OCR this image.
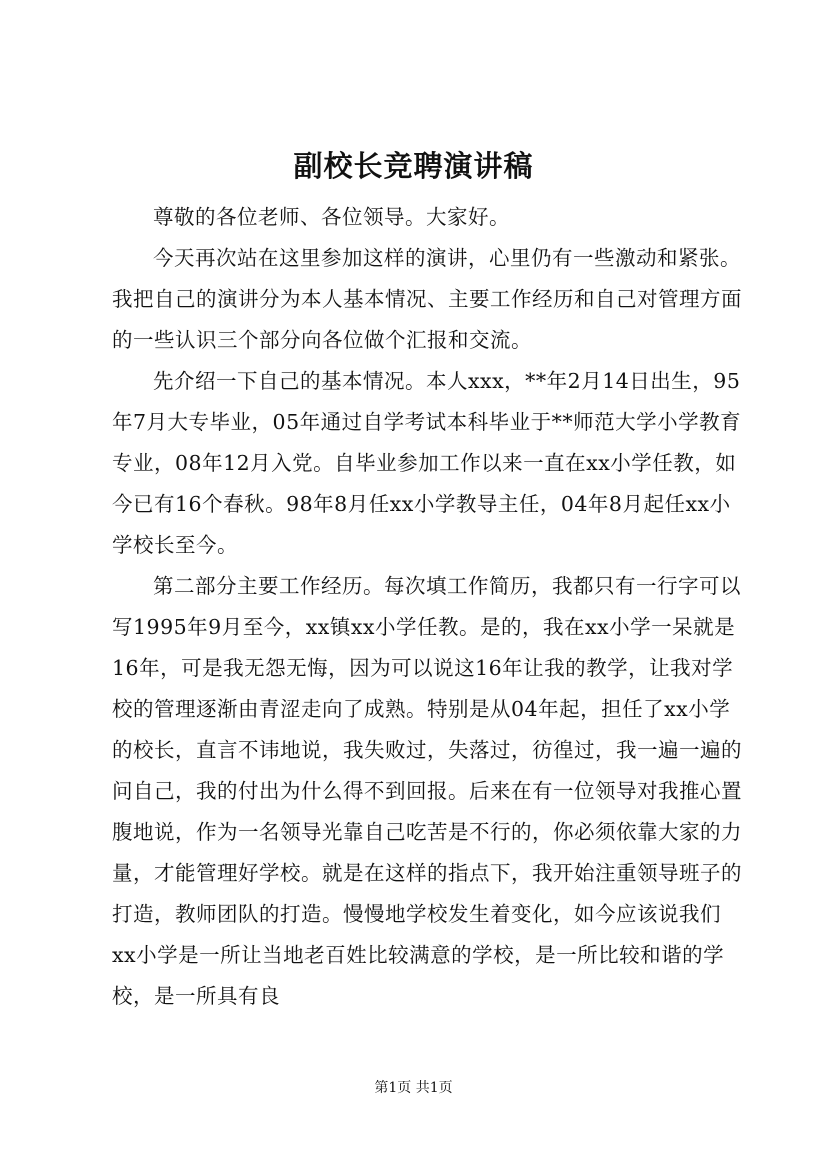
副校长竞聘演讲稿

尊敬的各位老师、各位领导。大家好。

今天再次站在这里参加这样的演讲，心里仍有一些激动和紧张。我把自己的演讲分为本人基本情况、主要工作经历和自己对管理方面的一些认识三个部分向各位做个汇报和交流。

先介绍一下自己的基本情况。本人xxx，**年2月14日出生，95年7月大专毕业，05年通过自学考试本科毕业于**师范大学小学教育专业，08年12月入党。自毕业参加工作以来一直在xx小学任教，如今已有16个春秋。98年8月任xx小学教导主任，04年8月起任xx小学校长至今。

第二部分主要工作经历。每次填工作简历，我都只有一行字可以写1995年9月至今，xx镇xx小学任教。是的，我在xx小学一呆就是16年，可是我无怨无悔，因为可以说这16年让我的教学，让我对学校的管理逐渐由青涩走向了成熟。特别是从04年起，担任了xx小学的校长，直言不讳地说，我失败过，失落过，彷徨过，我一遍一遍的问自己，我的付出为什么得不到回报。后来在有一位领导对我推心置腹地说，作为一名领导光靠自己吃苦是不行的，你必须依靠大家的力量，才能管理好学校。就是在这样的指点下，我开始注重领导班子的打造，教师团队的打造。慢慢地学校发生着变化，如今应该说我们xx小学是一所让当地老百姓比较满意的学校，是一所比较和谐的学校，是一所具有良

第1页 共1页
